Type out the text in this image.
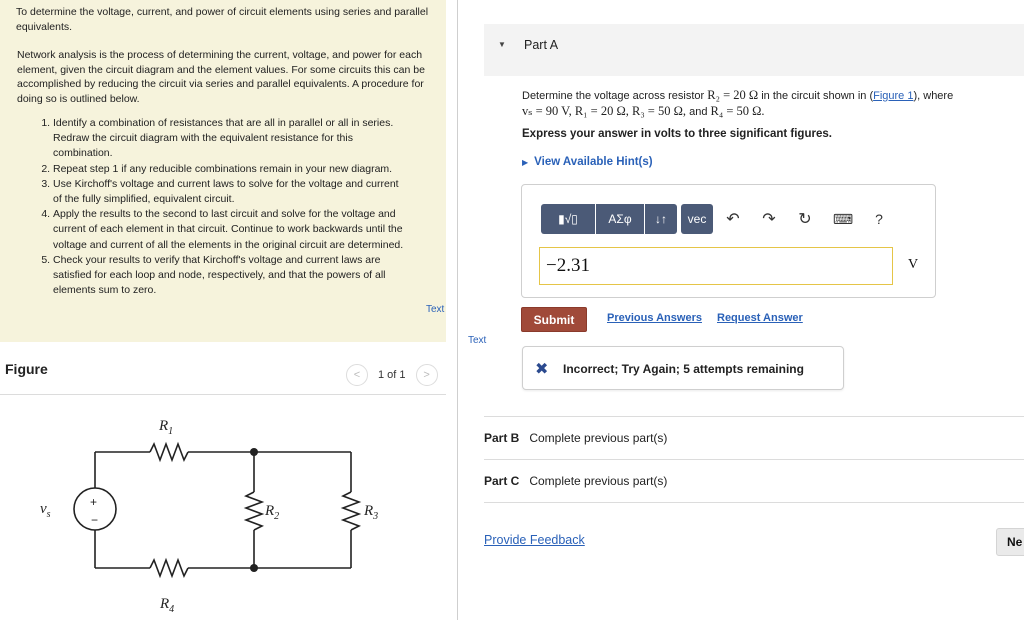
To determine the voltage, current, and power of circuit elements using series and parallel equivalents.
Network analysis is the process of determining the current, voltage, and power for each element, given the circuit diagram and the element values. For some circuits this can be accomplished by reducing the circuit via series and parallel equivalents. A procedure for doing so is outlined below.
1. Identify a combination of resistances that are all in parallel or all in series. Redraw the circuit diagram with the equivalent resistance for this combination.
2. Repeat step 1 if any reducible combinations remain in your new diagram.
3. Use Kirchoff's voltage and current laws to solve for the voltage and current of the fully simplified, equivalent circuit.
4. Apply the results to the second to last circuit and solve for the voltage and current of each element in that circuit. Continue to work backwards until the voltage and current of all the elements in the original circuit are determined.
5. Check your results to verify that Kirchoff's voltage and current laws are satisfied for each loop and node, respectively, and that the powers of all elements sum to zero.
Text
Text
Figure	< 1 of 1 >
$R_1$
$R_2$	$R_3$
$R_4$
$v_s$
+
−
▼ Part A
Determine the voltage across resistor R₂ = 20 Ω in the circuit shown in (Figure 1), where
vₛ = 90 V, R₁ = 20 Ω, R₃ = 50 Ω, and R₄ = 50 Ω.
Express your answer in volts to three significant figures.
▶ View Available Hint(s)
▮√▯	ΑΣφ ↓↑ vec ↶ ↷ ↻ ⌨ ?
−2.31
V
Submit	Previous Answers Request Answer
✖ Incorrect; Try Again; 5 attempts remaining
Part B Complete previous part(s)
Part C Complete previous part(s)
Provide Feedback	Ne
